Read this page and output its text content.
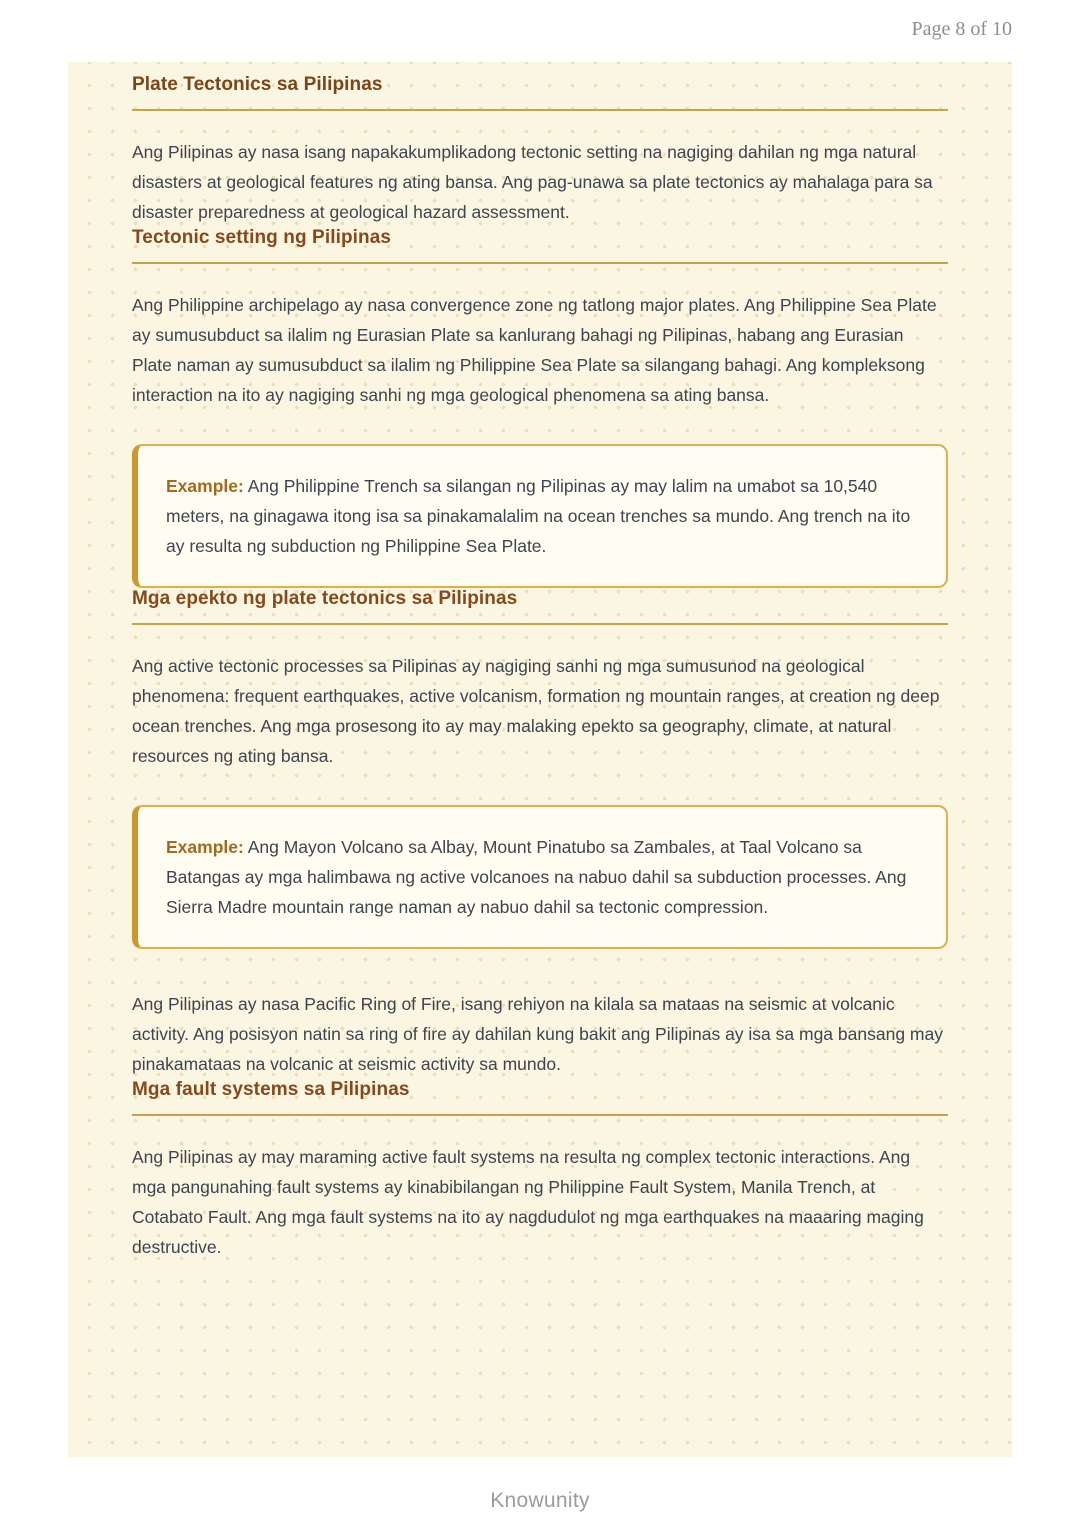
Page 8 of 10
Plate Tectonics sa Pilipinas

Ang Pilipinas ay nasa isang napakakumplikadong tectonic setting na nagiging dahilan ng mga natural disasters at geological features ng ating bansa. Ang pag-unawa sa plate tectonics ay mahalaga para sa disaster preparedness at geological hazard assessment.

Tectonic setting ng Pilipinas

Ang Philippine archipelago ay nasa convergence zone ng tatlong major plates. Ang Philippine Sea Plate ay sumusubduct sa ilalim ng Eurasian Plate sa kanlurang bahagi ng Pilipinas, habang ang Eurasian Plate naman ay sumusubduct sa ilalim ng Philippine Sea Plate sa silangang bahagi. Ang kompleksong interaction na ito ay nagiging sanhi ng mga geological phenomena sa ating bansa.

Example: Ang Philippine Trench sa silangan ng Pilipinas ay may lalim na umabot sa 10,540 meters, na ginagawa itong isa sa pinakamalalim na ocean trenches sa mundo. Ang trench na ito ay resulta ng subduction ng Philippine Sea Plate.

Mga epekto ng plate tectonics sa Pilipinas

Ang active tectonic processes sa Pilipinas ay nagiging sanhi ng mga sumusunod na geological phenomena: frequent earthquakes, active volcanism, formation ng mountain ranges, at creation ng deep ocean trenches. Ang mga prosesong ito ay may malaking epekto sa geography, climate, at natural resources ng ating bansa.

Example: Ang Mayon Volcano sa Albay, Mount Pinatubo sa Zambales, at Taal Volcano sa Batangas ay mga halimbawa ng active volcanoes na nabuo dahil sa subduction processes. Ang Sierra Madre mountain range naman ay nabuo dahil sa tectonic compression.

Ang Pilipinas ay nasa Pacific Ring of Fire, isang rehiyon na kilala sa mataas na seismic at volcanic activity. Ang posisyon natin sa ring of fire ay dahilan kung bakit ang Pilipinas ay isa sa mga bansang may pinakamataas na volcanic at seismic activity sa mundo.

Mga fault systems sa Pilipinas

Ang Pilipinas ay may maraming active fault systems na resulta ng complex tectonic interactions. Ang mga pangunahing fault systems ay kinabibilangan ng Philippine Fault System, Manila Trench, at Cotabato Fault. Ang mga fault systems na ito ay nagdudulot ng mga earthquakes na maaaring maging destructive.

Knowunity
